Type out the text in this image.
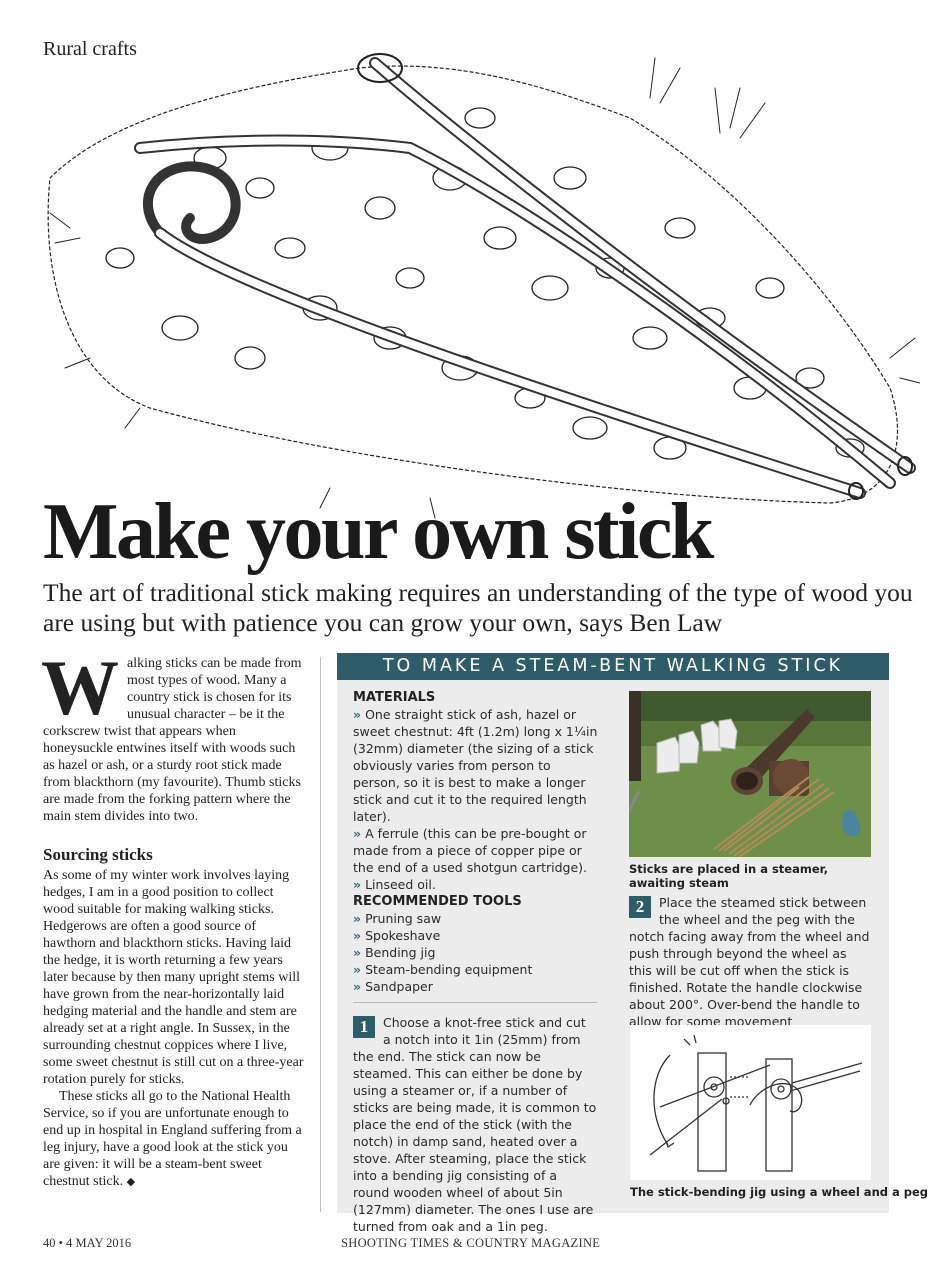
Rural crafts
Make your own stick
The art of traditional stick making requires an understanding of the type of wood you are using but with patience you can grow your own, says Ben Law

Walking sticks can be made from most types of wood. Many a country stick is chosen for its unusual character – be it the corkscrew twist that appears when honeysuckle entwines itself with woods such as hazel or ash, or a sturdy root stick made from blackthorn (my favourite). Thumb sticks are made from the forking pattern where the main stem divides into two.

Sourcing sticks

As some of my winter work involves laying hedges, I am in a good position to collect wood suitable for making walking sticks. Hedgerows are often a good source of hawthorn and blackthorn sticks. Having laid the hedge, it is worth returning a few years later because by then many upright stems will have grown from the near-horizontally laid hedging material and the handle and stem are already set at a right angle. In Sussex, in the surrounding chestnut coppices where I live, some sweet chestnut is still cut on a three-year rotation purely for sticks.

These sticks all go to the National Health Service, so if you are unfortunate enough to end up in hospital in England suffering from a leg injury, have a good look at the stick you are given: it will be a steam-bent sweet chestnut stick. ◆

TO MAKE A STEAM-BENT WALKING STICK
MATERIALS

» One straight stick of ash, hazel or sweet chestnut: 4ft (1.2m) long x 1¼in (32mm) diameter (the sizing of a stick obviously varies from person to person, so it is best to make a longer stick and cut it to the required length later).

» A ferrule (this can be pre-bought or made from a piece of copper pipe or the end of a used shotgun cartridge).

» Linseed oil.

RECOMMENDED TOOLS

» Pruning saw

» Spokeshave

» Bending jig

» Steam-bending equipment

» Sandpaper

1	Choose a knot-free stick and cut a notch into it 1in (25mm) from the end. The stick can now be steamed. This can either be done by using a steamer or, if a number of sticks are being made, it is common to place the end of the stick (with the notch) in damp sand, heated over a stove. After steaming, place the stick into a bending jig consisting of a round wooden wheel of about 5in (127mm) diameter. The ones I use are turned from oak and a 1in peg.
Sticks are placed in a steamer, awaiting steam
2	Place the steamed stick between the wheel and the peg with the notch facing away from the wheel and push through beyond the wheel as this will be cut off when the stick is finished. Rotate the handle clockwise about 200°. Over-bend the handle to allow for some movement
The stick-bending jig using a wheel and a peg
40 • 4 MAY 2016	SHOOTING TIMES & COUNTRY MAGAZINE
